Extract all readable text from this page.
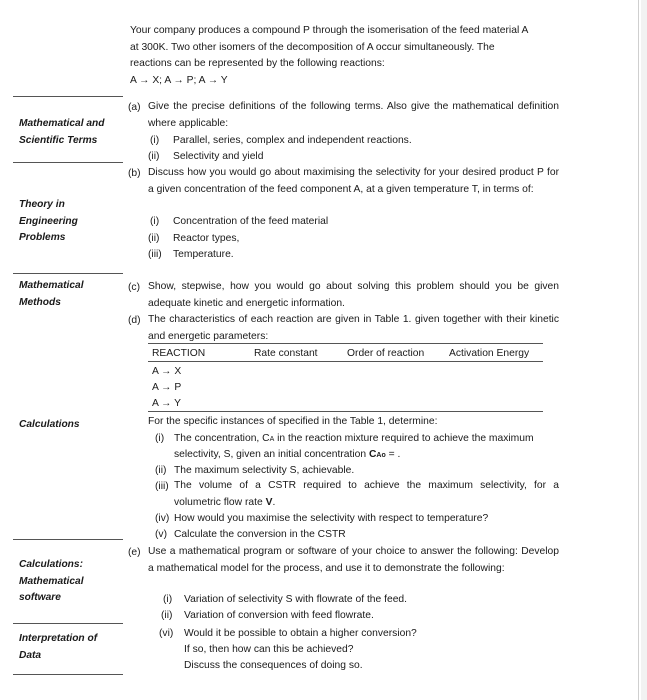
Your company produces a compound P through the isomerisation of the feed material A
at 300K. Two other isomers of the decomposition of A occur simultaneously. The
reactions can be represented by the following reactions:
A → X; A → P; A → Y
Mathematical and
Scientific Terms
Theory in
Engineering
Problems
Mathematical
Methods
Calculations
Calculations:
Mathematical
software
Interpretation of
Data
(a) Give the precise definitions of the following terms. Also give the mathematical definition where applicable:
(i) Parallel, series, complex and independent reactions.
(ii) Selectivity and yield
(b) Discuss how you would go about maximising the selectivity for your desired product P for a given concentration of the feed component A, at a given temperature T, in terms of:
(i) Concentration of the feed material
(ii) Reactor types,
(iii) Temperature.
(c) Show, stepwise, how you would go about solving this problem should you be given adequate kinetic and energetic information.
(d) The characteristics of each reaction are given in Table 1. given together with their kinetic and energetic parameters:
REACTION	Rate constant	Order of reaction Activation Energy
A → X
A → P
A → Y
For the specific instances of specified in the Table 1, determine:
(i) The concentration, CA in the reaction mixture required to achieve the maximum
selectivity, S, given an initial concentration CAo = .
(ii) The maximum selectivity S, achievable.
(iii) The volume of a CSTR required to achieve the maximum selectivity, for a
volumetric flow rate V.
(iv) How would you maximise the selectivity with respect to temperature?
(v) Calculate the conversion in the CSTR
(e) Use a mathematical program or software of your choice to answer the following: Develop a mathematical model for the process, and use it to demonstrate the following:
(i) Variation of selectivity S with flowrate of the feed.
(ii) Variation of conversion with feed flowrate.
(vi) Would it be possible to obtain a higher conversion?
If so, then how can this be achieved?
Discuss the consequences of doing so.
